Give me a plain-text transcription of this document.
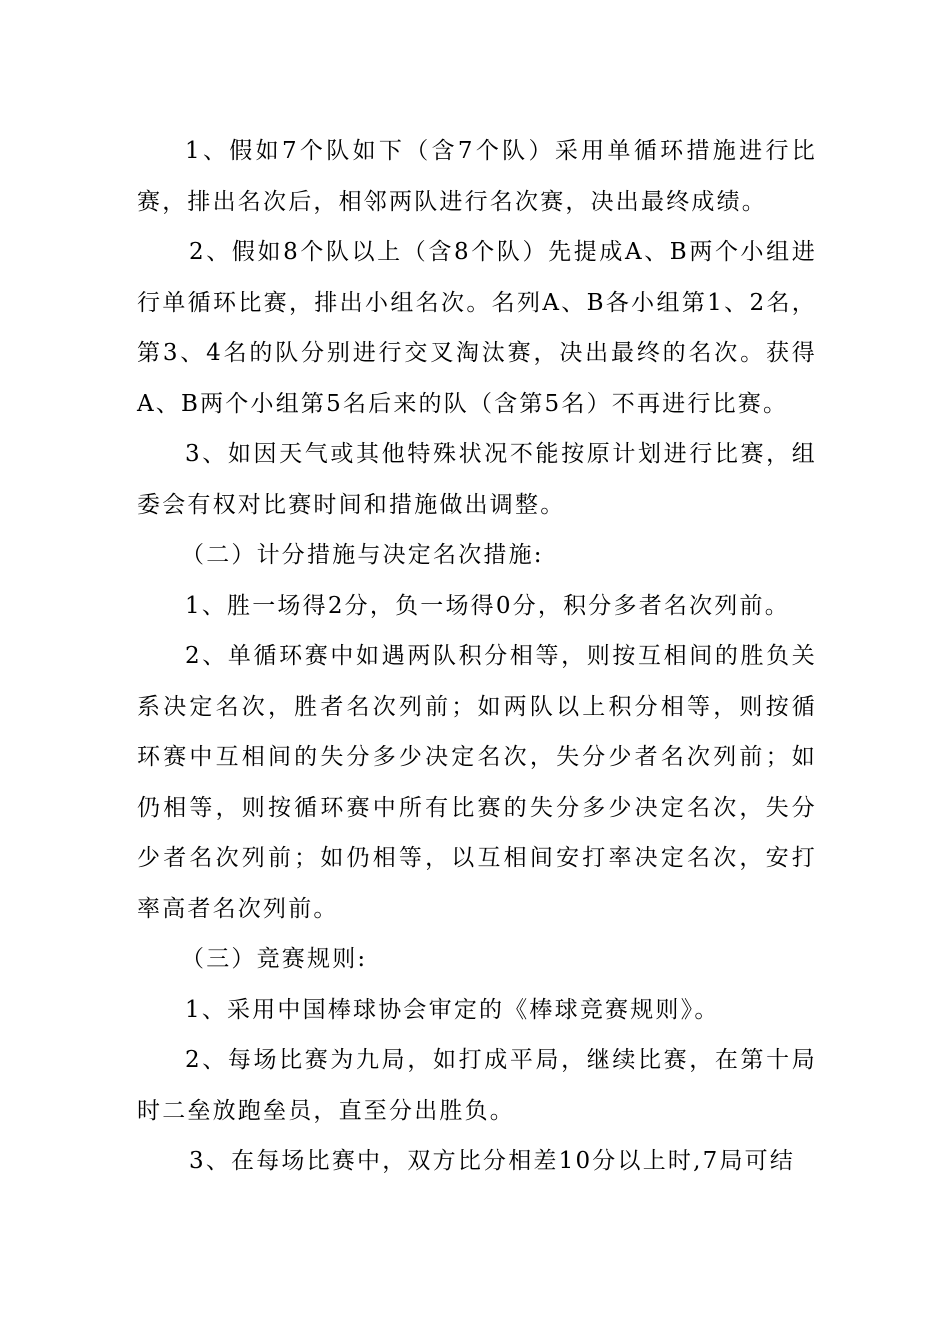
1、假如7个队如下（含7个队）采用单循环措施进行比赛，排出名次后，相邻两队进行名次赛，决出最终成绩。

2、假如8个队以上（含8个队）先提成A、B两个小组进行单循环比赛，排出小组名次。名列A、B各小组第1、2名，第3、4名的队分别进行交叉淘汰赛，决出最终的名次。获得A、B两个小组第5名后来的队（含第5名）不再进行比赛。

3、如因天气或其他特殊状况不能按原计划进行比赛，组委会有权对比赛时间和措施做出调整。

（二）计分措施与决定名次措施:

1、胜一场得2分，负一场得0分，积分多者名次列前。

2、单循环赛中如遇两队积分相等，则按互相间的胜负关系决定名次，胜者名次列前；如两队以上积分相等，则按循环赛中互相间的失分多少决定名次，失分少者名次列前；如仍相等，则按循环赛中所有比赛的失分多少决定名次，失分少者名次列前；如仍相等，以互相间安打率决定名次，安打率高者名次列前。

（三）竞赛规则:

1、采用中国棒球协会审定的《棒球竞赛规则》。

2、每场比赛为九局，如打成平局，继续比赛，在第十局时二垒放跑垒员，直至分出胜负。

3、在每场比赛中，双方比分相差10分以上时,7局可结
